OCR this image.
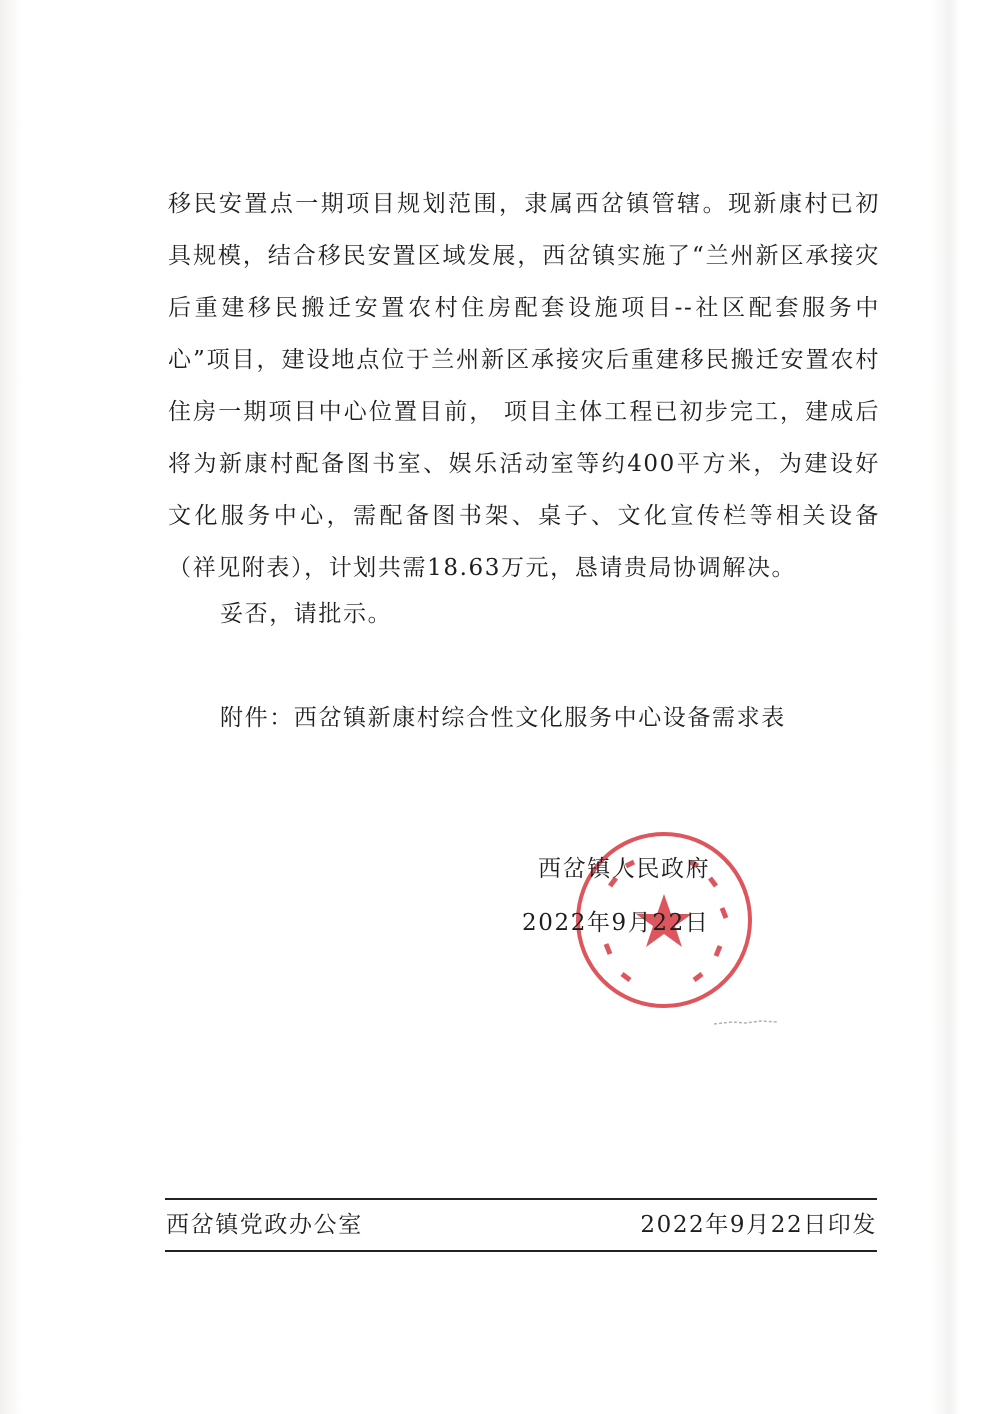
移民安置点一期项目规划范围，隶属西岔镇管辖。现新康村已初具规模，结合移民安置区域发展，西岔镇实施了“兰州新区承接灾后重建移民搬迁安置农村住房配套设施项目--社区配套服务中心”项目，建设地点位于兰州新区承接灾后重建移民搬迁安置农村住房一期项目中心位置目前， 项目主体工程已初步完工，建成后将为新康村配备图书室、娱乐活动室等约400平方米，为建设好文化服务中心，需配备图书架、桌子、文化宣传栏等相关设备（祥见附表），计划共需18.63万元，恳请贵局协调解决。

妥否，请批示。

附件：西岔镇新康村综合性文化服务中心设备需求表

西岔镇人民政府

2022年9月22日

西岔镇党政办公室	2022年9月22日印发
